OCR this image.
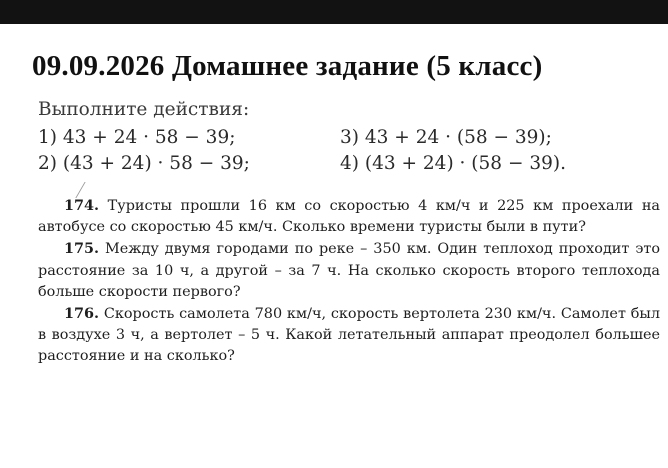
09.09.2026 Домашнее задание (5 класс)
Выполните действия:
1) 43 + 24 · 58 − 39;	3) 43 + 24 · (58 − 39);
2) (43 + 24) · 58 − 39;	4) (43 + 24) · (58 − 39).

174. Туристы прошли 16 км со скоростью 4 км/ч и 225 км проехали на автобусе со скоростью 45 км/ч. Сколько времени туристы были в пути?

175. Между двумя городами по реке – 350 км. Один теплоход проходит это расстояние за 10 ч, а другой – за 7 ч. На сколько скорость второго теплохода больше скорости первого?

176. Скорость самолета 780 км/ч, скорость вертолета 230 км/ч. Самолет был в воздухе 3 ч, а вертолет – 5 ч. Какой летательный аппарат преодолел большее расстояние и на сколько?
